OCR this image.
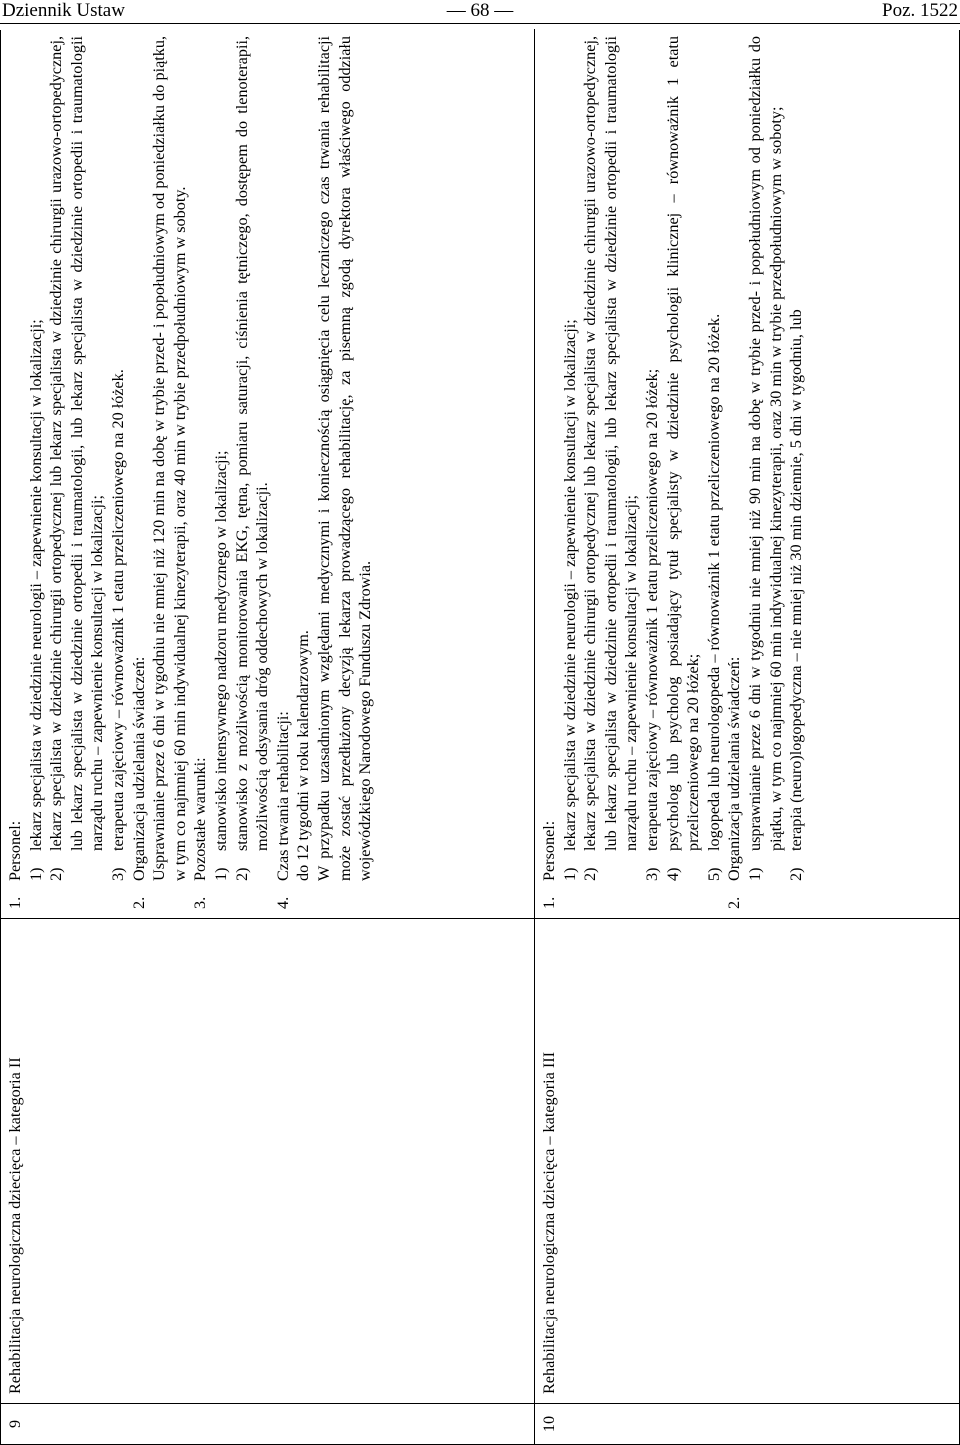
Dziennik Ustaw	— 68 —	Poz. 1522
9
Rehabilitacja neurologiczna dziecięca – kategoria II
1.
Personel: 1)
lekarz specjalista w dziedzinie neurologii – zapewnienie konsultacji w lokalizacji;
2)
lekarz specjalista w dziedzinie chirurgii ortopedycznej lub lekarz specjalista w dziedzinie chirurgii urazowo-ortopedycznej, lub lekarz specjalista w dziedzinie ortopedii i traumatologii, lub lekarz specjalista w dziedzinie ortopedii i traumatologii narządu ruchu – zapewnienie konsultacji w lokalizacji;
3)
terapeuta zajęciowy – równoważnik 1 etatu przeliczeniowego na 20 łóżek.
2.
Organizacja udzielania świadczeń: Usprawnianie przez 6 dni w tygodniu nie mniej niż 120 min na dobę w trybie przed- i popołudniowym od poniedziałku do piątku, w tym co najmniej 60 min indywidualnej kinezyterapii, oraz 40 min w trybie przedpołudniowym w soboty.
3.
Pozostałe warunki: 1)
stanowisko intensywnego nadzoru medycznego w lokalizacji;
2)
stanowisko z możliwością monitorowania EKG, tętna, pomiaru saturacji, ciśnienia tętniczego, dostępem do tlenoterapii, możliwością odsysania dróg oddechowych w lokalizacji.
4.
Czas trwania rehabilitacji: do 12 tygodni w roku kalendarzowym. W przypadku uzasadnionym względami medycznymi i koniecznością osiągnięcia celu leczniczego czas trwania rehabilitacji może zostać przedłużony decyzją lekarza prowadzącego rehabilitację, za pisemną zgodą dyrektora właściwego oddziału wojewódzkiego Narodowego Funduszu Zdrowia.
10
Rehabilitacja neurologiczna dziecięca – kategoria III
1.
Personel: 1)
lekarz specjalista w dziedzinie neurologii – zapewnienie konsultacji w lokalizacji;
2)
lekarz specjalista w dziedzinie chirurgii ortopedycznej lub lekarz specjalista w dziedzinie chirurgii urazowo-ortopedycznej, lub lekarz specjalista w dziedzinie ortopedii i traumatologii, lub lekarz specjalista w dziedzinie ortopedii i traumatologii narządu ruchu – zapewnienie konsultacji w lokalizacji;
3)
terapeuta zajęciowy – równoważnik 1 etatu przeliczeniowego na 20 łóżek;
4)
psycholog lub psycholog posiadający tytuł specjalisty w dziedzinie psychologii klinicznej – równoważnik 1 etatu przeliczeniowego na 20 łóżek;
5)
logopeda lub neurologopeda – równoważnik 1 etatu przeliczeniowego na 20 łóżek.
2.
Organizacja udzielania świadczeń: 1)
usprawnianie przez 6 dni w tygodniu nie mniej niż 90 min na dobę w trybie przed- i popołudniowym od poniedziałku do piątku, w tym co najmniej 60 min indywidualnej kinezyterapii, oraz 30 min w trybie przedpołudniowym w soboty;
2)
terapia (neuro)logopedyczna – nie mniej niż 30 min dziennie, 5 dni w tygodniu, lub
